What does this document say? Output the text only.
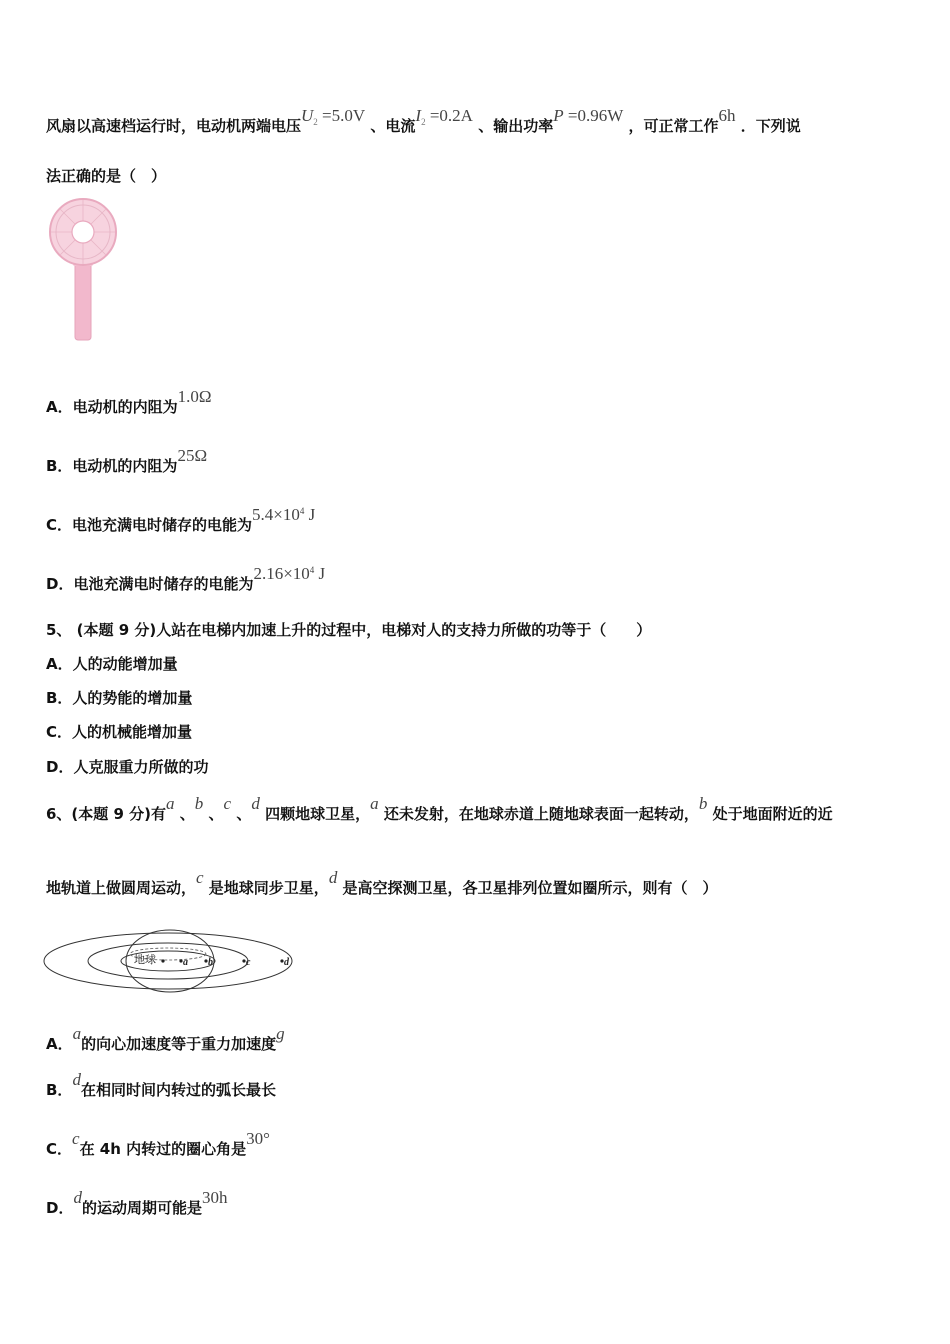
风扇以高速档运行时，电动机两端电压$U_2 =5.0V$ 、电流$I_2 =0.2A$ 、输出功率P =0.96W ，可正常工作6h ．下列说
法正确的是（　）
A．电动机的内阻为1.0Ω
B．电动机的内阻为25Ω
C．电池充满电时储存的电能为$5.4\times 10^4$ J
D．电池充满电时储存的电能为$2.16\times 10^4$ J
5、 (本题 9 分)人站在电梯内加速上升的过程中，电梯对人的支持力所做的功等于（　　）
A．人的动能增加量
B．人的势能的增加量
C．人的机械能增加量
D．人克服重力所做的功
6、(本题 9 分)有a 、b 、c 、d 四颗地球卫星，a 还未发射，在地球赤道上随地球表面一起转动，b 处于地面附近的近
地轨道上做圆周运动，c 是地球同步卫星，d 是高空探测卫星，各卫星排列位置如圈所示，则有（　）
地球	a b	c	d
A．a的向心加速度等于重力加速度g
B．d在相同时间内转过的弧长最长
C．c在 4h 内转过的圈心角是30°
D．d的运动周期可能是30h
